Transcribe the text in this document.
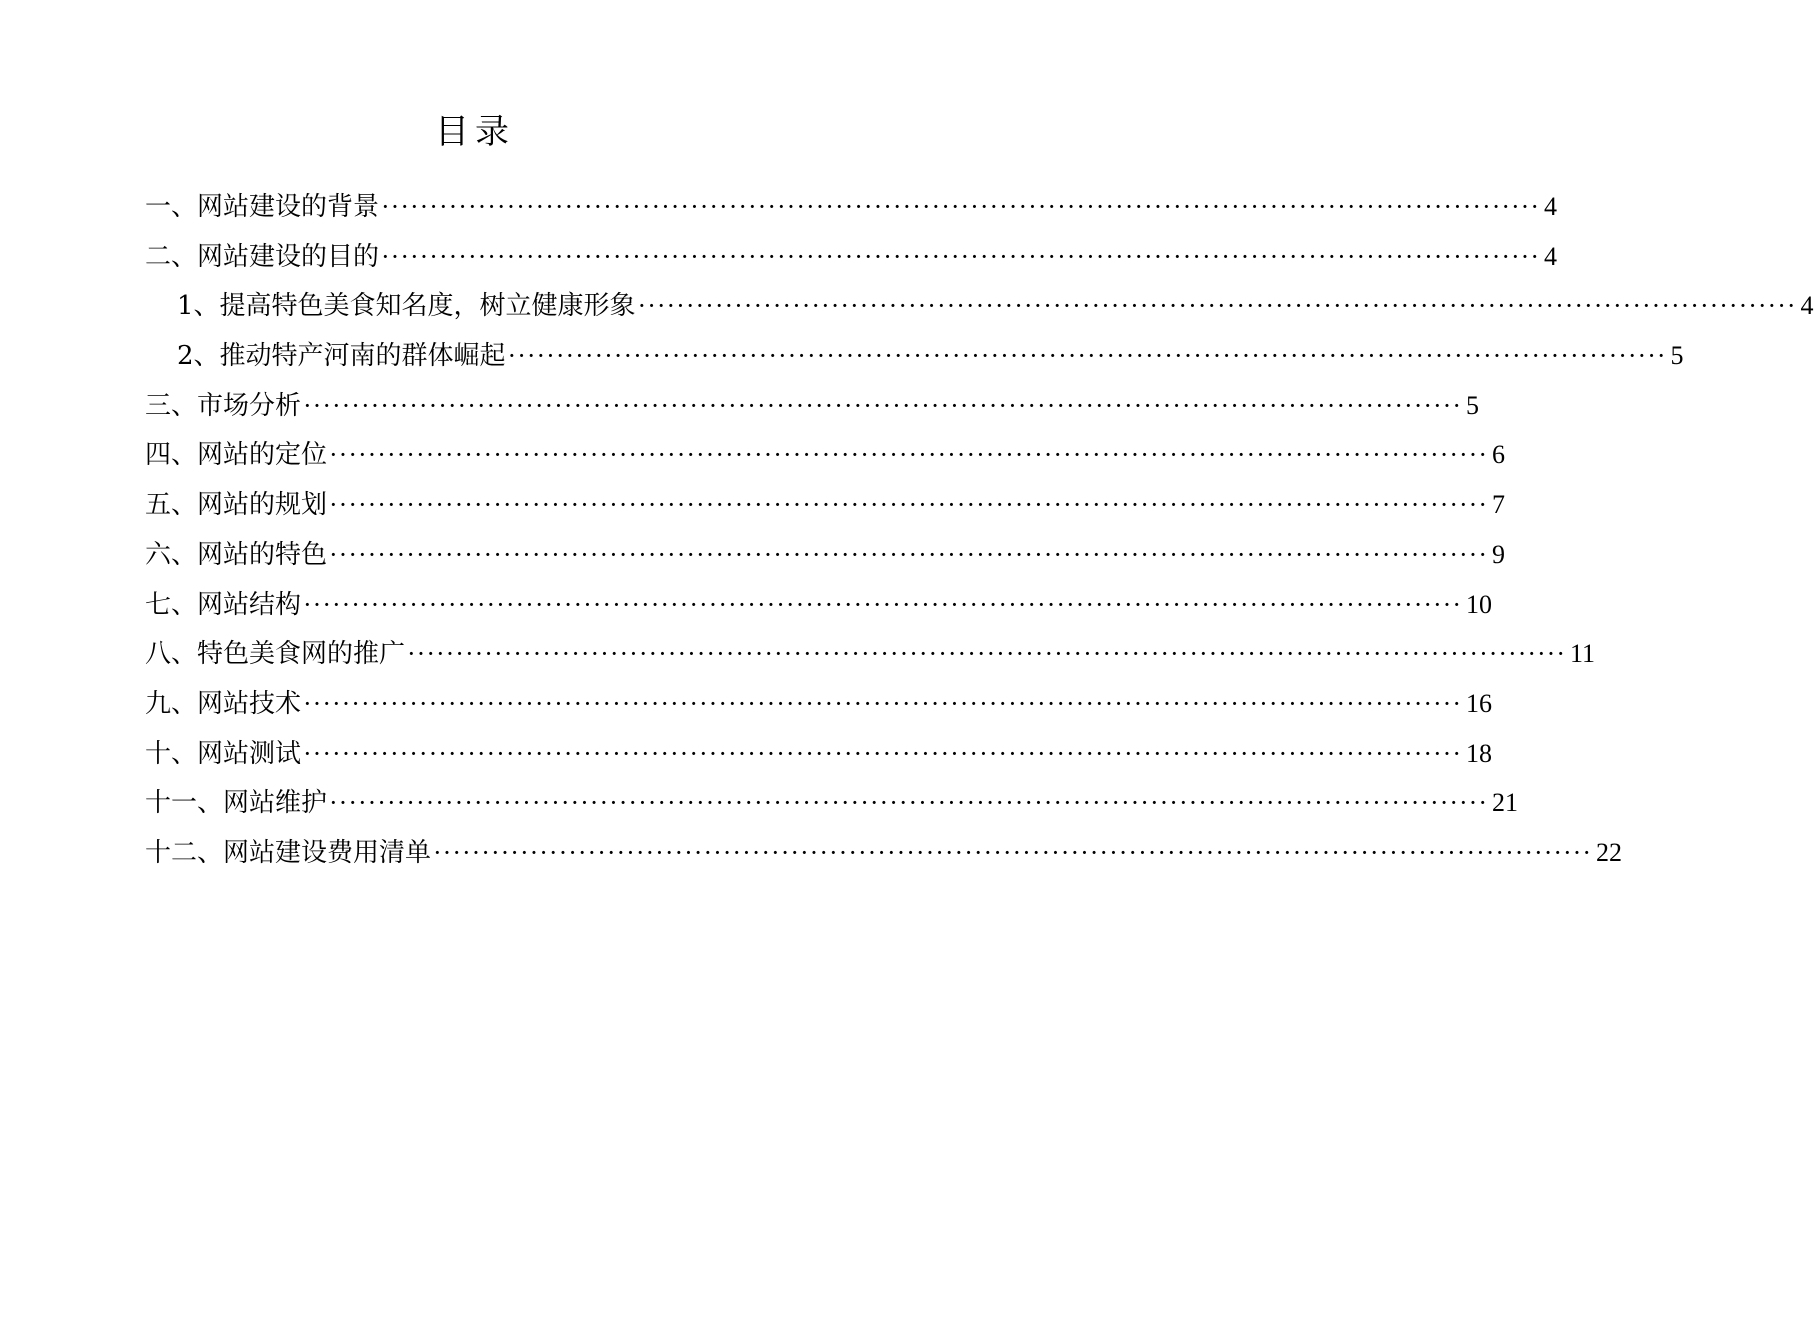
目录
一、网站建设的背景 ························································································································ 4
二、网站建设的目的 ························································································································ 4
1、提高特色美食知名度，树立健康形象 ························································································································ 4
2、推动特产河南的群体崛起 ························································································································ 5
三、市场分析 ························································································································ 5
四、网站的定位 ························································································································ 6
五、网站的规划 ························································································································ 7
六、网站的特色 ························································································································ 9
七、网站结构 ························································································································ 10
八、特色美食网的推广 ························································································································ 11
九、网站技术 ························································································································ 16
十、网站测试 ························································································································ 18
十一、网站维护 ························································································································ 21
十二、网站建设费用清单 ························································································································ 22
